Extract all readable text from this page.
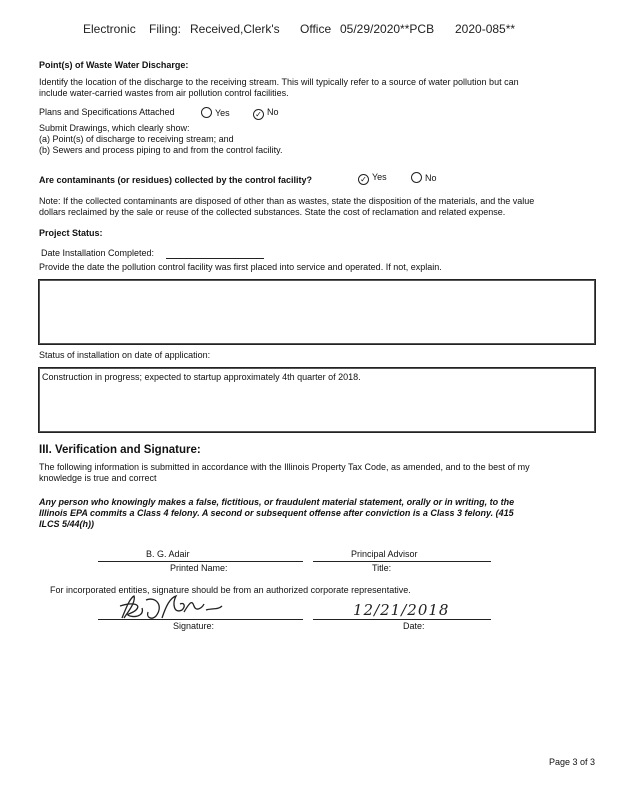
Electronic Filing: Received,Clerk's Office 05/29/2020**PCB 2020-085**
Point(s) of Waste Water Discharge:
Identify the location of the discharge to the receiving stream. This will typically refer to a source of water pollution but can
include water-carried wastes from air pollution control facilities.
Plans and Specifications Attached	Yes	✓ No
Submit Drawings, which clearly show:
(a) Point(s) of discharge to receiving stream; and
(b) Sewers and process piping to and from the control facility.
Are contaminants (or residues) collected by the control facility?	✓ Yes	No
Note: If the collected contaminants are disposed of other than as wastes, state the disposition of the materials, and the value
dollars reclaimed by the sale or reuse of the collected substances. State the cost of reclamation and related expense.
Project Status:
Date Installation Completed:
Provide the date the pollution control facility was first placed into service and operated. If not, explain.
Status of installation on date of application:
Construction in progress; expected to startup approximately 4th quarter of 2018.
III. Verification and Signature:
The following information is submitted in accordance with the Illinois Property Tax Code, as amended, and to the best of my
knowledge is true and correct
Any person who knowingly makes a false, fictitious, or fraudulent material statement, orally or in writing, to the
Illinois EPA commits a Class 4 felony. A second or subsequent offense after conviction is a Class 3 felony. (415
ILCS 5/44(h))
B. G. Adair
Printed Name:
Principal Advisor
Title:
For incorporated entities, signature should be from an authorized corporate representative.
Signature:
12/21/2018
Date:
Page 3 of 3
